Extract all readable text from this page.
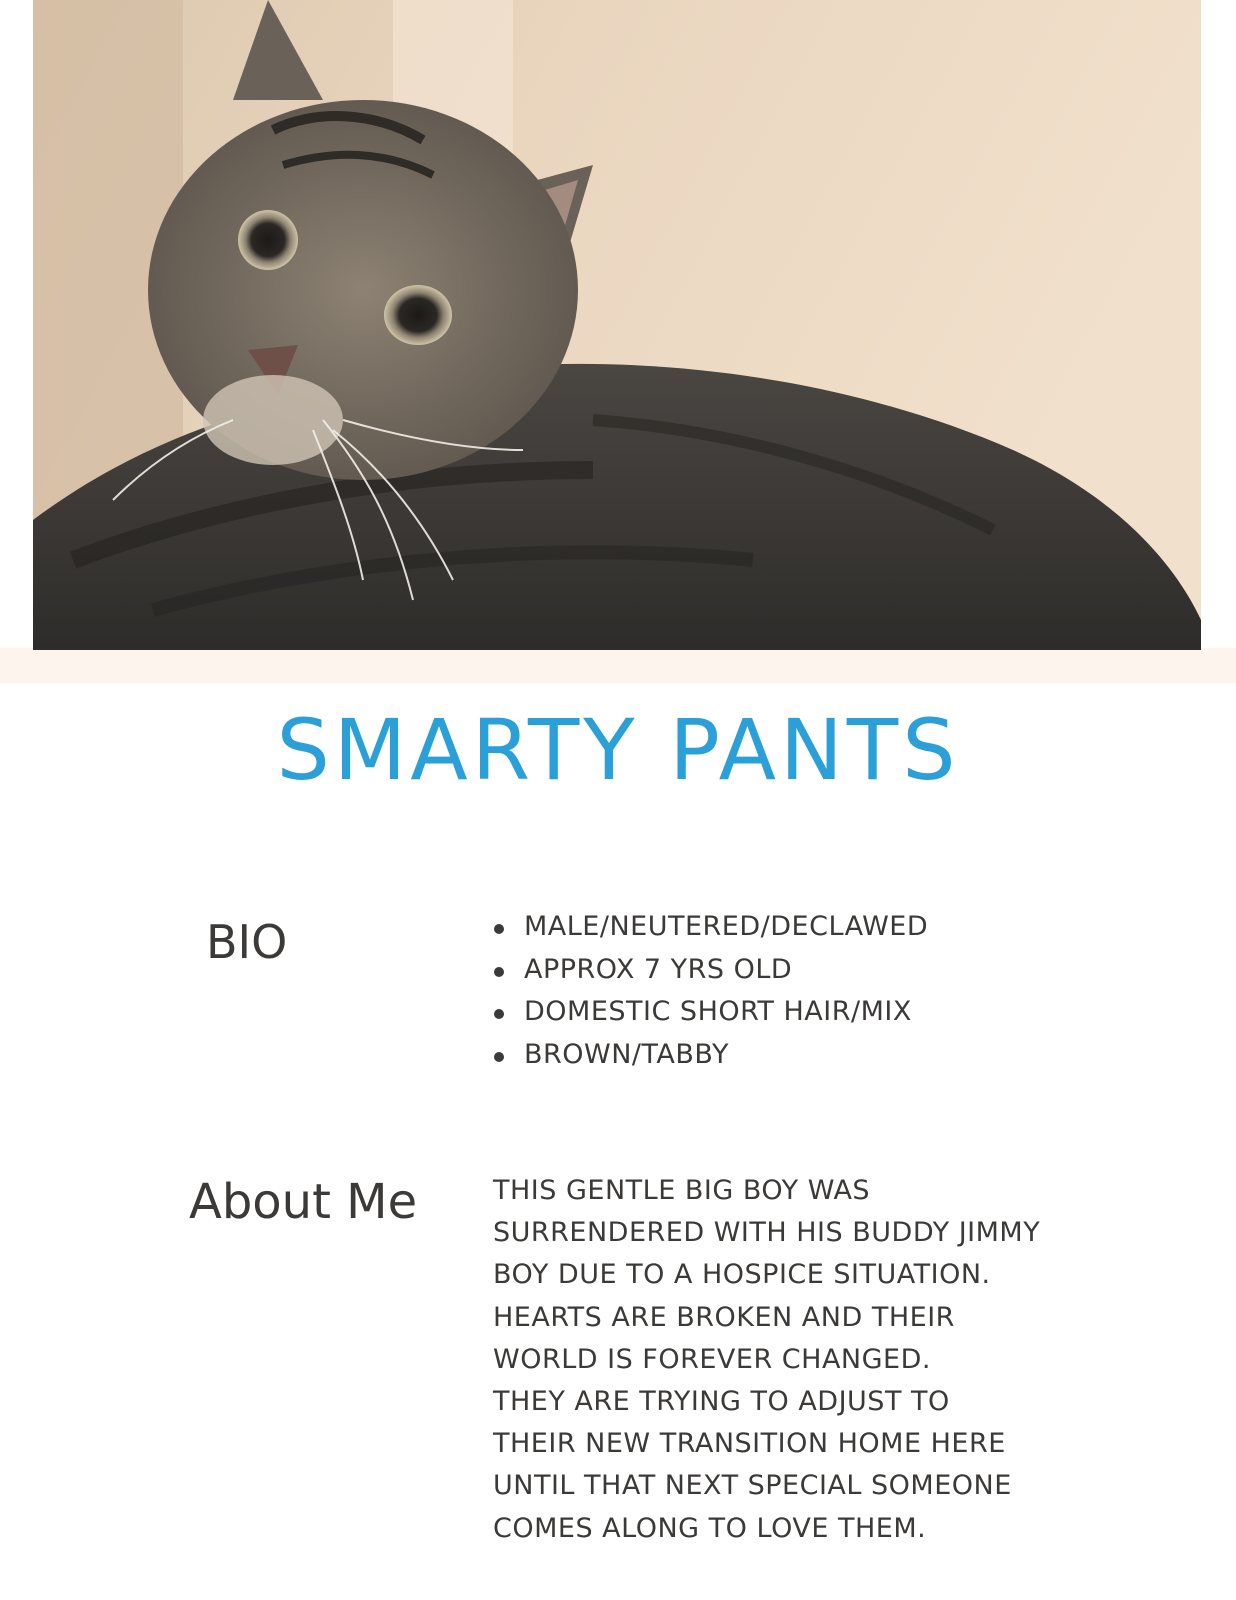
SMARTY PANTS
BIO	MALE/NEUTERED/DECLAWED
APPROX 7 YRS OLD
DOMESTIC SHORT HAIR/MIX
BROWN/TABBY
About Me	THIS GENTLE BIG BOY WAS
SURRENDERED WITH HIS BUDDY JIMMY
BOY DUE TO A HOSPICE SITUATION.
HEARTS ARE BROKEN AND THEIR
WORLD IS FOREVER CHANGED.
THEY ARE TRYING TO ADJUST TO
THEIR NEW TRANSITION HOME HERE
UNTIL THAT NEXT SPECIAL SOMEONE
COMES ALONG TO LOVE THEM.
